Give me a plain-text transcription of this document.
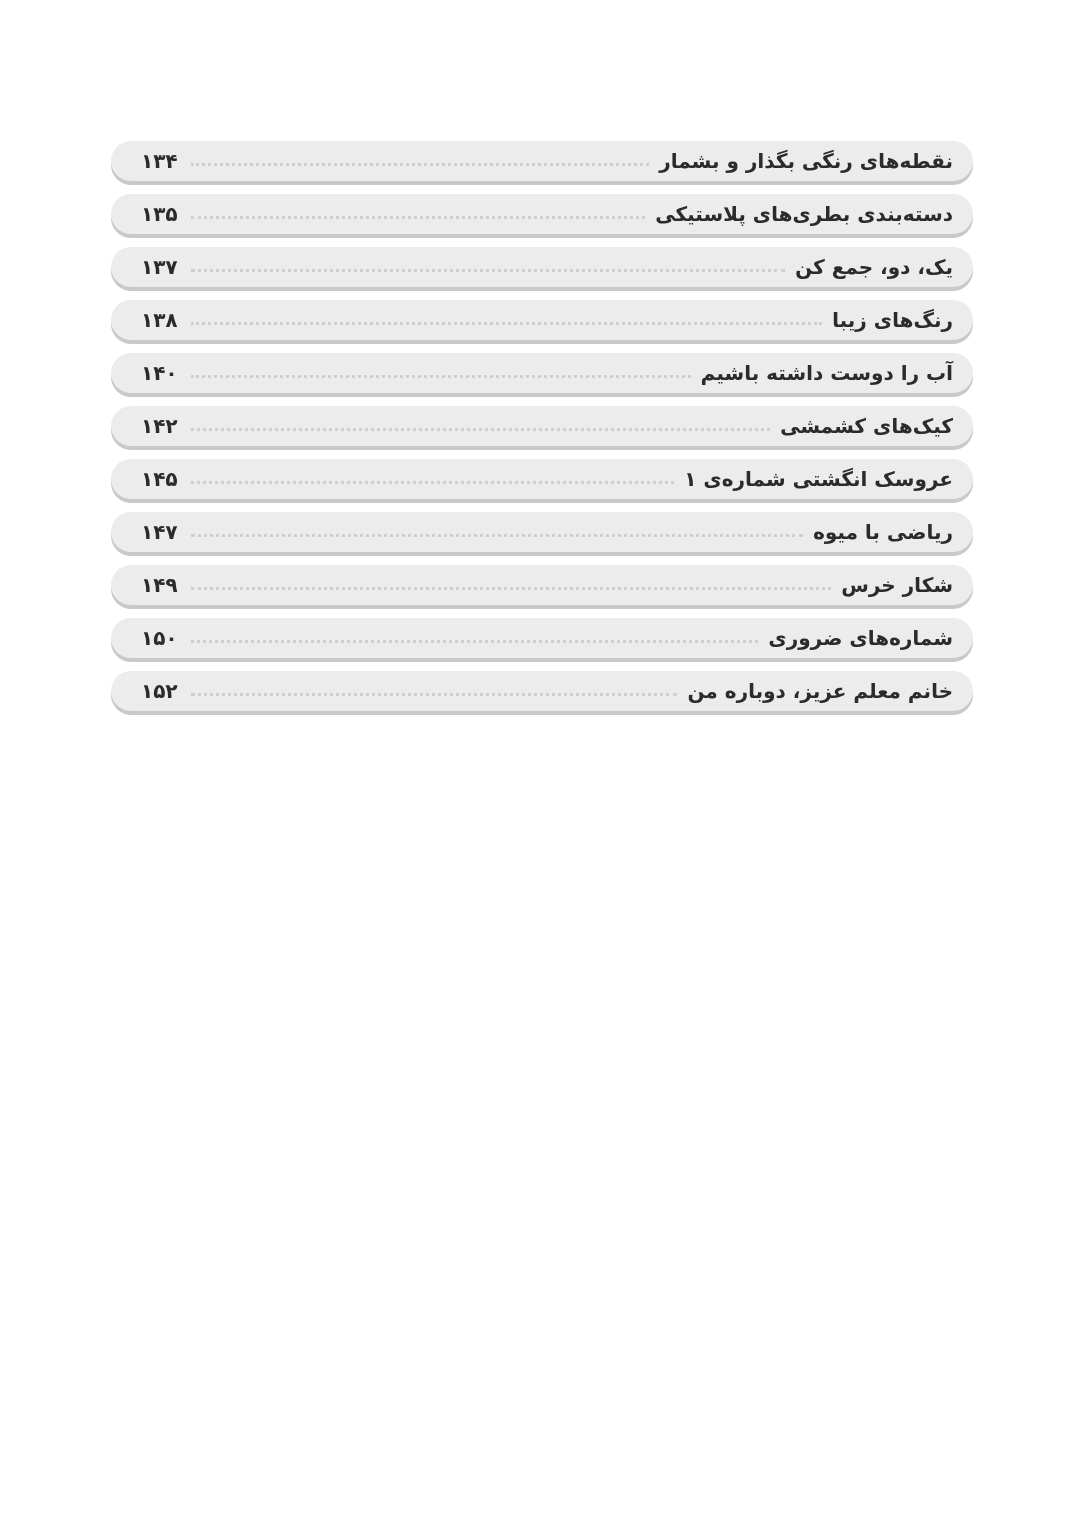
۱۳۴	نقطه‌های رنگی بگذار و بشمار
۱۳۵	دسته‌بندی بطری‌های پلاستیکی
۱۳۷	یک، دو، جمع کن
۱۳۸	رنگ‌های زیبا
۱۴۰	آب را دوست داشته باشیم
۱۴۲	کیک‌های کشمشی
۱۴۵	عروسک انگشتی شماره‌ی ۱
۱۴۷	ریاضی با میوه
۱۴۹	شکار خرس
۱۵۰	شماره‌های ضروری
۱۵۲	خانم معلم عزیز، دوباره من
